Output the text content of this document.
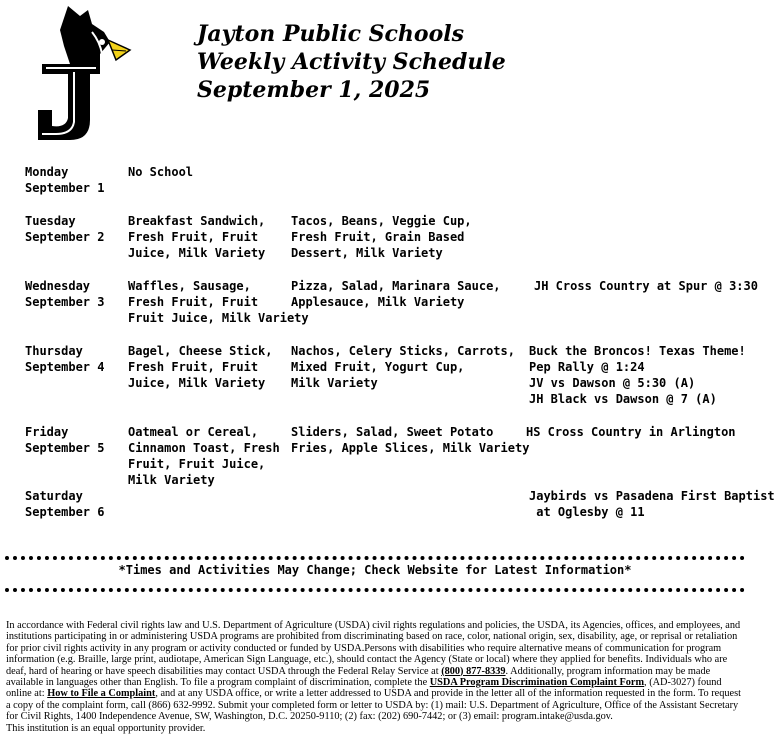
Jayton Public Schools
Weekly Activity Schedule
September 1, 2025
Monday
September 1
No School
Tuesday
September 2
Breakfast Sandwich,
Fresh Fruit, Fruit
Juice, Milk Variety
Tacos, Beans, Veggie Cup,
Fresh Fruit, Grain Based
Dessert, Milk Variety
Wednesday
September 3
Waffles, Sausage,
Fresh Fruit, Fruit
Fruit Juice, Milk Variety
Pizza, Salad, Marinara Sauce,
Applesauce, Milk Variety
JH Cross Country at Spur @ 3:30
Thursday
September 4
Bagel, Cheese Stick,
Fresh Fruit, Fruit
Juice, Milk Variety
Nachos, Celery Sticks, Carrots,
Mixed Fruit, Yogurt Cup,
Milk Variety
Buck the Broncos! Texas Theme!
Pep Rally @ 1:24
JV vs Dawson @ 5:30 (A)
JH Black vs Dawson @ 7 (A)
Friday
September 5
Oatmeal or Cereal,
Cinnamon Toast, Fresh
Fruit, Fruit Juice,
Milk Variety
Sliders, Salad, Sweet Potato
Fries, Apple Slices, Milk Variety
HS Cross Country in Arlington
Saturday
September 6
Jaybirds vs Pasadena First Baptist
at Oglesby @ 11
*Times and Activities May Change; Check Website for Latest Information*
In accordance with Federal civil rights law and U.S. Department of Agriculture (USDA) civil rights regulations and policies, the USDA, its Agencies, offices, and employees, and institutions participating in or administering USDA programs are prohibited from discriminating based on race, color, national origin, sex, disability, age, or reprisal or retaliation for prior civil rights activity in any program or activity conducted or funded by USDA.Persons with disabilities who require alternative means of communication for program information (e.g. Braille, large print, audiotape, American Sign Language, etc.), should contact the Agency (State or local) where they applied for benefits. Individuals who are deaf, hard of hearing or have speech disabilities may contact USDA through the Federal Relay Service at (800) 877-8339. Additionally, program information may be made available in languages other than English. To file a program complaint of discrimination, complete the USDA Program Discrimination Complaint Form, (AD-3027) found online at: How to File a Complaint, and at any USDA office, or write a letter addressed to USDA and provide in the letter all of the information requested in the form. To request a copy of the complaint form, call (866) 632-9992. Submit your completed form or letter to USDA by: (1) mail: U.S. Department of Agriculture, Office of the Assistant Secretary for Civil Rights, 1400 Independence Avenue, SW, Washington, D.C. 20250-9110; (2) fax: (202) 690-7442; or (3) email: program.intake@usda.gov.
This institution is an equal opportunity provider.
